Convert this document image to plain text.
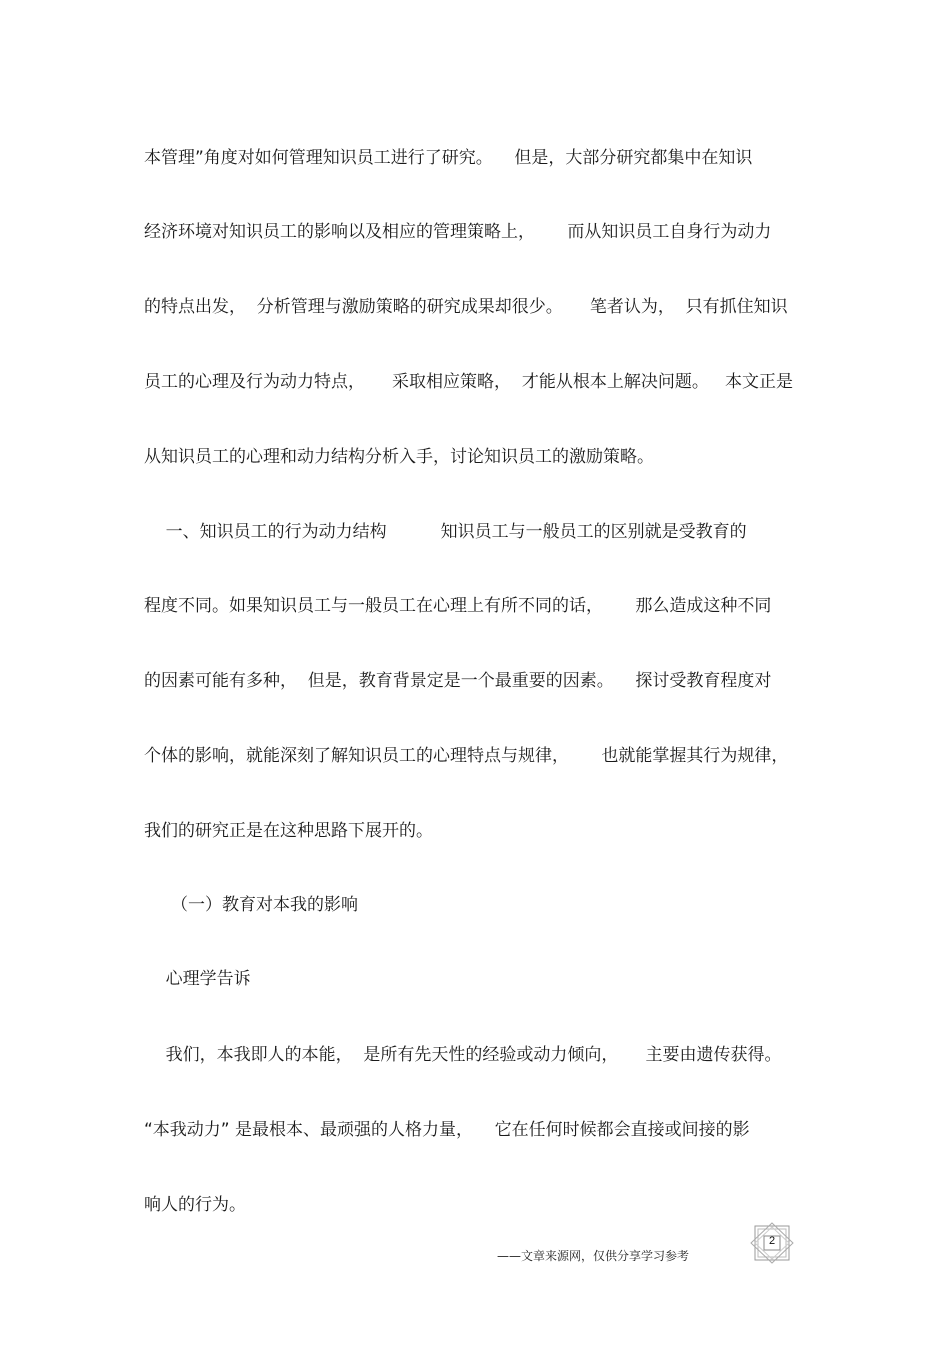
本管理”角度对如何管理知识员工进行了研究。    但是，大部分研究都集中在知识
经济环境对知识员工的影响以及相应的管理策略上，      而从知识员工自身行为动力
的特点出发，  分析管理与激励策略的研究成果却很少。     笔者认为，  只有抓住知识
员工的心理及行为动力特点，     采取相应策略，  才能从根本上解决问题。   本文正是
从知识员工的心理和动力结构分析入手，讨论知识员工的激励策略。
一、知识员工的行为动力结构          知识员工与一般员工的区别就是受教育的
程度不同。如果知识员工与一般员工在心理上有所不同的话，      那么造成这种不同
的因素可能有多种，  但是，教育背景定是一个最重要的因素。    探讨受教育程度对
个体的影响，就能深刻了解知识员工的心理特点与规律，      也就能掌握其行为规律，
我们的研究正是在这种思路下展开的。
（一）教育对本我的影响
心理学告诉
我们，本我即人的本能，  是所有先天性的经验或动力倾向，     主要由遗传获得。
“本我动力” 是最根本、最顽强的人格力量，    它在任何时候都会直接或间接的影
响人的行为。
——文章来源网，仅供分享学习参考
2
